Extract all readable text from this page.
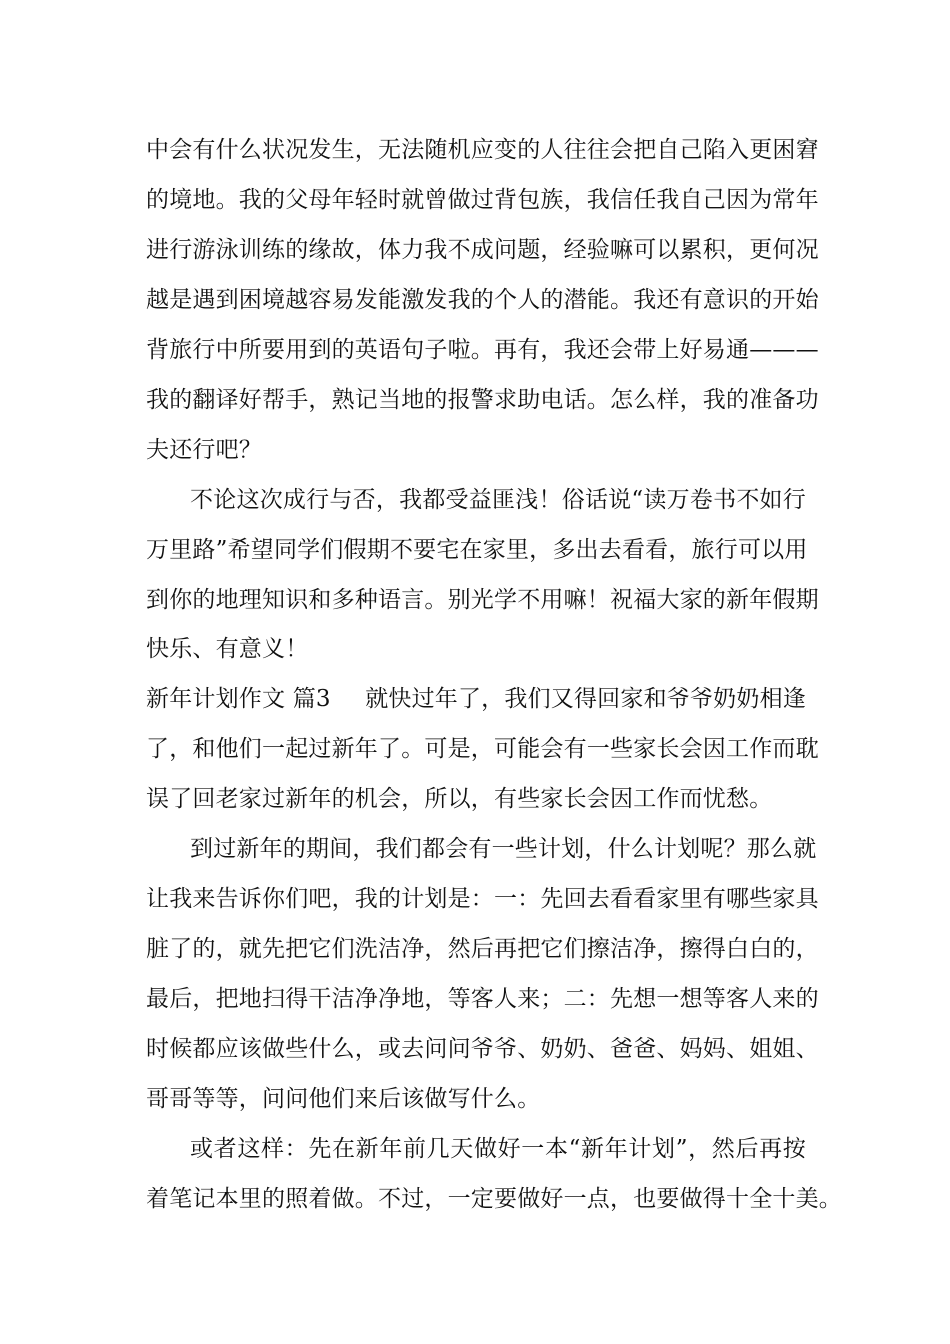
中会有什么状况发生，无法随机应变的人往往会把自己陷入更困窘
的境地。我的父母年轻时就曾做过背包族，我信任我自己因为常年
进行游泳训练的缘故，体力我不成问题，经验嘛可以累积，更何况
越是遇到困境越容易发能激发我的个人的潜能。我还有意识的开始
背旅行中所要用到的英语句子啦。再有，我还会带上好易通———
我的翻译好帮手，熟记当地的报警求助电话。怎么样，我的准备功
夫还行吧？
不论这次成行与否，我都受益匪浅！俗话说“读万卷书不如行
万里路”希望同学们假期不要宅在家里，多出去看看，旅行可以用
到你的地理知识和多种语言。别光学不用嘛！祝福大家的新年假期
快乐、有意义！
新年计划作文 篇3 就快过年了，我们又得回家和爷爷奶奶相逢
了，和他们一起过新年了。可是，可能会有一些家长会因工作而耽
误了回老家过新年的机会，所以，有些家长会因工作而忧愁。
到过新年的期间，我们都会有一些计划，什么计划呢？那么就
让我来告诉你们吧，我的计划是：一：先回去看看家里有哪些家具
脏了的，就先把它们洗洁净，然后再把它们擦洁净，擦得白白的，
最后，把地扫得干洁净净地，等客人来；二：先想一想等客人来的
时候都应该做些什么，或去问问爷爷、奶奶、爸爸、妈妈、姐姐、
哥哥等等，问问他们来后该做写什么。
或者这样：先在新年前几天做好一本“新年计划”，然后再按
着笔记本里的照着做。不过，一定要做好一点，也要做得十全十美。
